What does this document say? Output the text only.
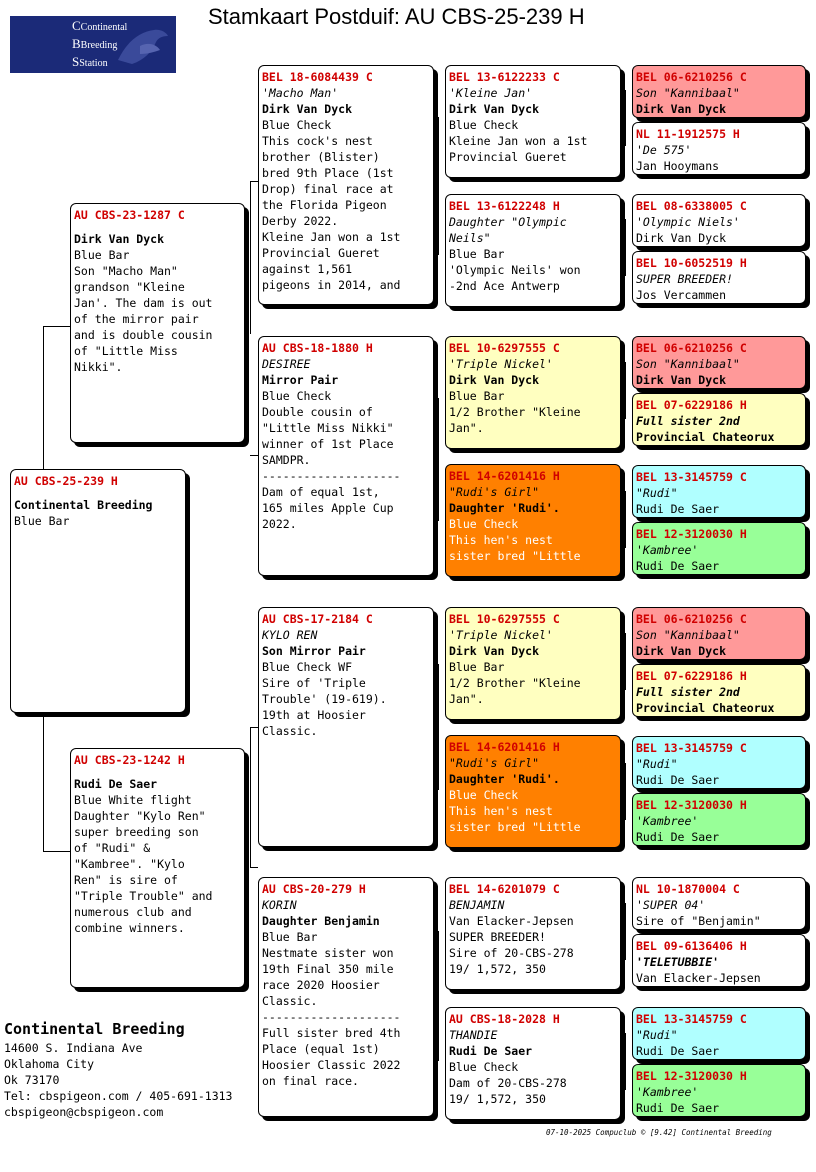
Stamkaart Postduif: AU CBS-25-239 H
CContinental
BBreeding
SStation
AU CBS-25-239 H
Continental Breeding
Blue Bar
AU CBS-23-1287 C
Dirk Van Dyck
Blue Bar
Son "Macho Man"
grandson "Kleine
Jan'. The dam is out
of the mirror pair
and is double cousin
of "Little Miss
Nikki".
AU CBS-23-1242 H
Rudi De Saer
Blue White flight
Daughter "Kylo Ren"
super breeding son
of "Rudi" &
"Kambree". "Kylo
Ren" is sire of
"Triple Trouble" and
numerous club and
combine winners.
BEL 18-6084439 C
'Macho Man'
Dirk Van Dyck
Blue Check
This cock's nest
brother (Blister)
bred 9th Place (1st
Drop) final race at
the Florida Pigeon
Derby 2022.
Kleine Jan won a 1st
Provincial Gueret
against 1,561
pigeons in 2014, and
AU CBS-18-1880 H
DESIREE
Mirror Pair
Blue Check
Double cousin of
"Little Miss Nikki"
winner of 1st Place
SAMDPR.
--------------------
Dam of equal 1st,
165 miles Apple Cup
2022.
AU CBS-17-2184 C
KYLO REN
Son Mirror Pair
Blue Check WF
Sire of 'Triple
Trouble' (19-619).
19th at Hoosier
Classic.
AU CBS-20-279 H
KORIN
Daughter Benjamin
Blue Bar
Nestmate sister won
19th Final 350 mile
race 2020 Hoosier
Classic.
--------------------
Full sister bred 4th
Place (equal 1st)
Hoosier Classic 2022
on final race.
BEL 13-6122233 C
'Kleine Jan'
Dirk Van Dyck
Blue Check
Kleine Jan won a 1st
Provincial Gueret
BEL 13-6122248 H
Daughter "Olympic
Neils"
Blue Bar
'Olympic Neils' won
-2nd Ace Antwerp
BEL 10-6297555 C
'Triple Nickel'
Dirk Van Dyck
Blue Bar
1/2 Brother "Kleine
Jan".
BEL 14-6201416 H
"Rudi's Girl"
Daughter 'Rudi'.
Blue Check
This hen's nest
sister bred "Little
BEL 10-6297555 C
'Triple Nickel'
Dirk Van Dyck
Blue Bar
1/2 Brother "Kleine
Jan".
BEL 14-6201416 H
"Rudi's Girl"
Daughter 'Rudi'.
Blue Check
This hen's nest
sister bred "Little
BEL 14-6201079 C
BENJAMIN
Van Elacker-Jepsen
SUPER BREEDER!
Sire of 20-CBS-278
19/ 1,572, 350
AU CBS-18-2028 H
THANDIE
Rudi De Saer
Blue Check
Dam of 20-CBS-278
19/ 1,572, 350
BEL 06-6210256 C
Son "Kannibaal"
Dirk Van Dyck
NL 11-1912575 H
'De 575'
Jan Hooymans
BEL 08-6338005 C
'Olympic Niels'
Dirk Van Dyck
BEL 10-6052519 H
SUPER BREEDER!
Jos Vercammen
BEL 06-6210256 C
Son "Kannibaal"
Dirk Van Dyck
BEL 07-6229186 H
Full sister 2nd
Provincial Chateorux
BEL 13-3145759 C
"Rudi"
Rudi De Saer
BEL 12-3120030 H
'Kambree'
Rudi De Saer
BEL 06-6210256 C
Son "Kannibaal"
Dirk Van Dyck
BEL 07-6229186 H
Full sister 2nd
Provincial Chateorux
BEL 13-3145759 C
"Rudi"
Rudi De Saer
BEL 12-3120030 H
'Kambree'
Rudi De Saer
NL 10-1870004 C
'SUPER 04'
Sire of "Benjamin"
BEL 09-6136406 H
'TELETUBBIE'
Van Elacker-Jepsen
BEL 13-3145759 C
"Rudi"
Rudi De Saer
BEL 12-3120030 H
'Kambree'
Rudi De Saer
Continental Breeding
14600 S. Indiana Ave
Oklahoma City
Ok 73170
Tel: cbspigeon.com / 405-691-1313
cbspigeon@cbspigeon.com
07-10-2025 Compuclub © [9.42] Continental Breeding
